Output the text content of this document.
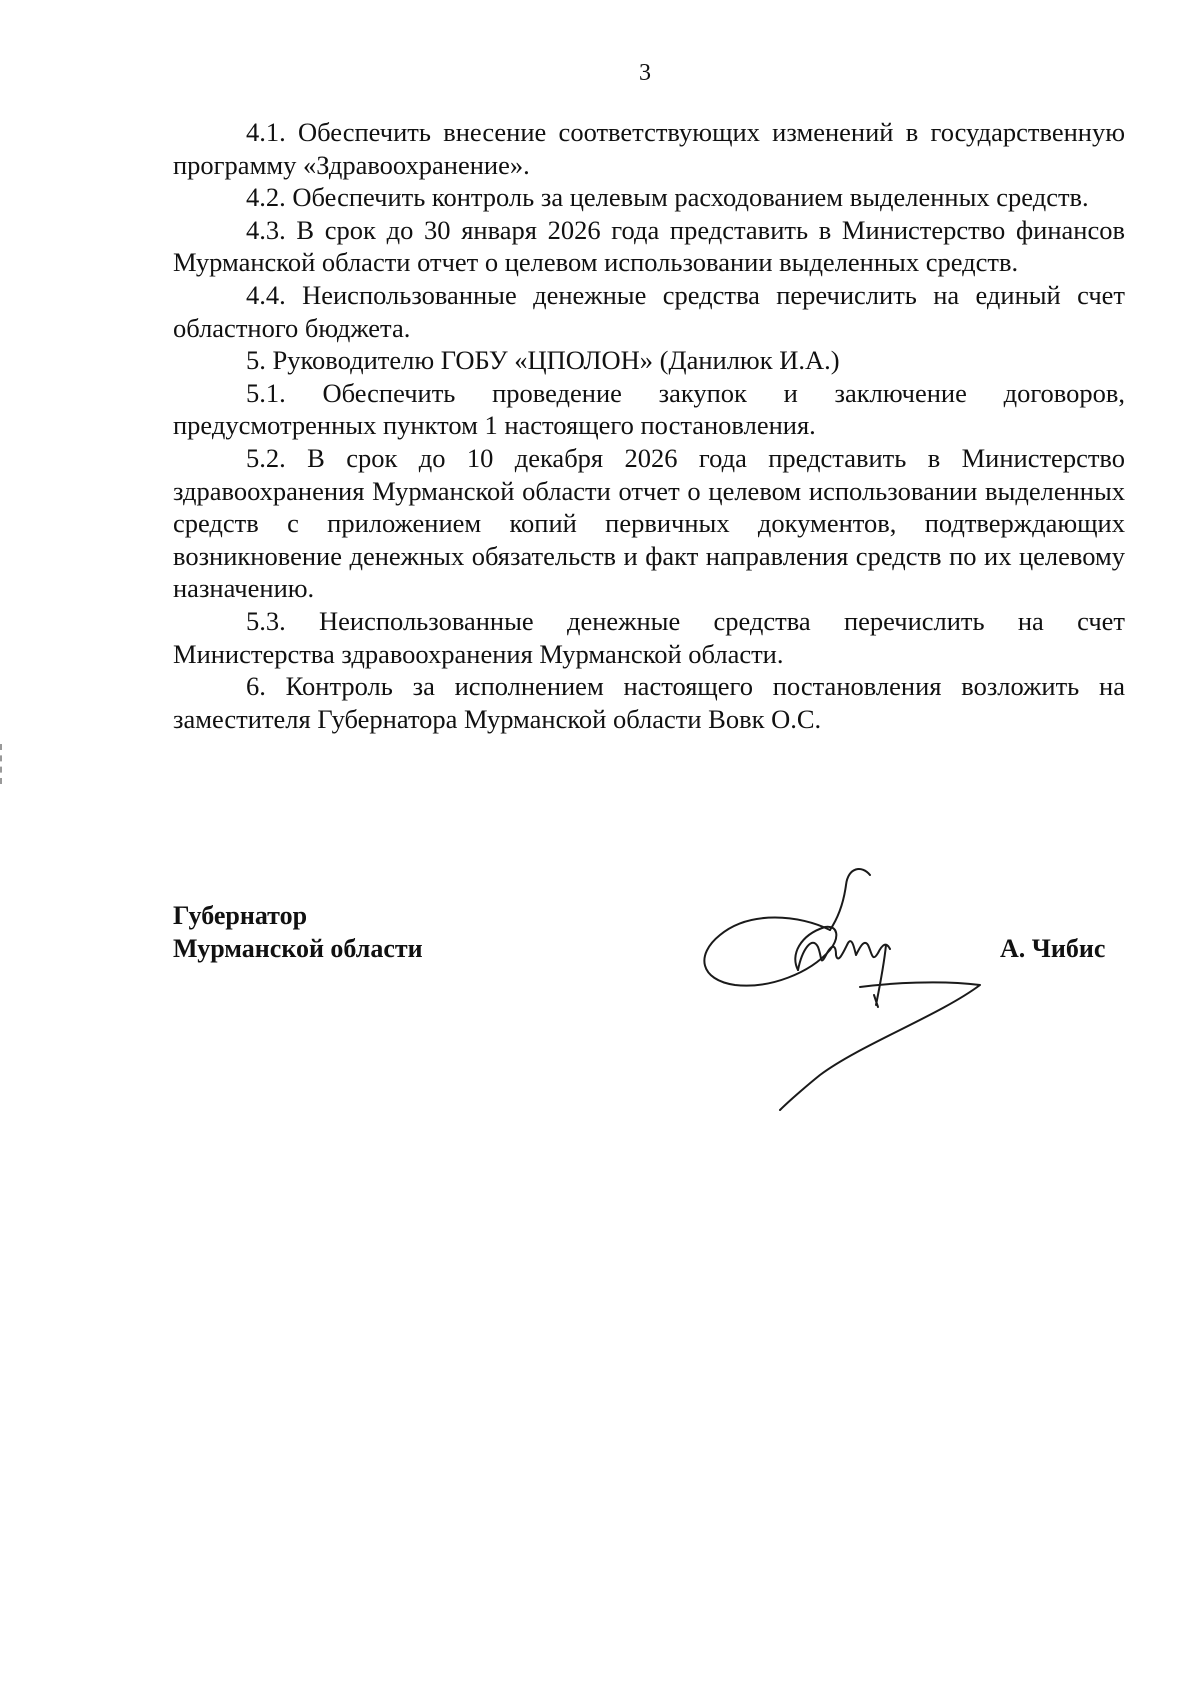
3

4.1. Обеспечить внесение соответствующих изменений в государственную программу «Здравоохранение».

4.2. Обеспечить контроль за целевым расходованием выделенных средств.

4.3. В срок до 30 января 2026 года представить в Министерство финансов Мурманской области отчет о целевом использовании выделенных средств.

4.4. Неиспользованные денежные средства перечислить на единый счет областного бюджета.

5. Руководителю ГОБУ «ЦПОЛОН» (Данилюк И.А.)

5.1. Обеспечить проведение закупок и заключение договоров, предусмотренных пунктом 1 настоящего постановления.

5.2. В срок до 10 декабря 2026 года представить в Министерство здравоохранения Мурманской области отчет о целевом использовании выделенных средств с приложением копий первичных документов, подтверждающих возникновение денежных обязательств и факт направления средств по их целевому назначению.

5.3. Неиспользованные денежные средства перечислить на счет Министерства здравоохранения Мурманской области.

6. Контроль за исполнением настоящего постановления возложить на заместителя Губернатора Мурманской области Вовк О.С.

Губернатор
Мурманской области	А. Чибис
